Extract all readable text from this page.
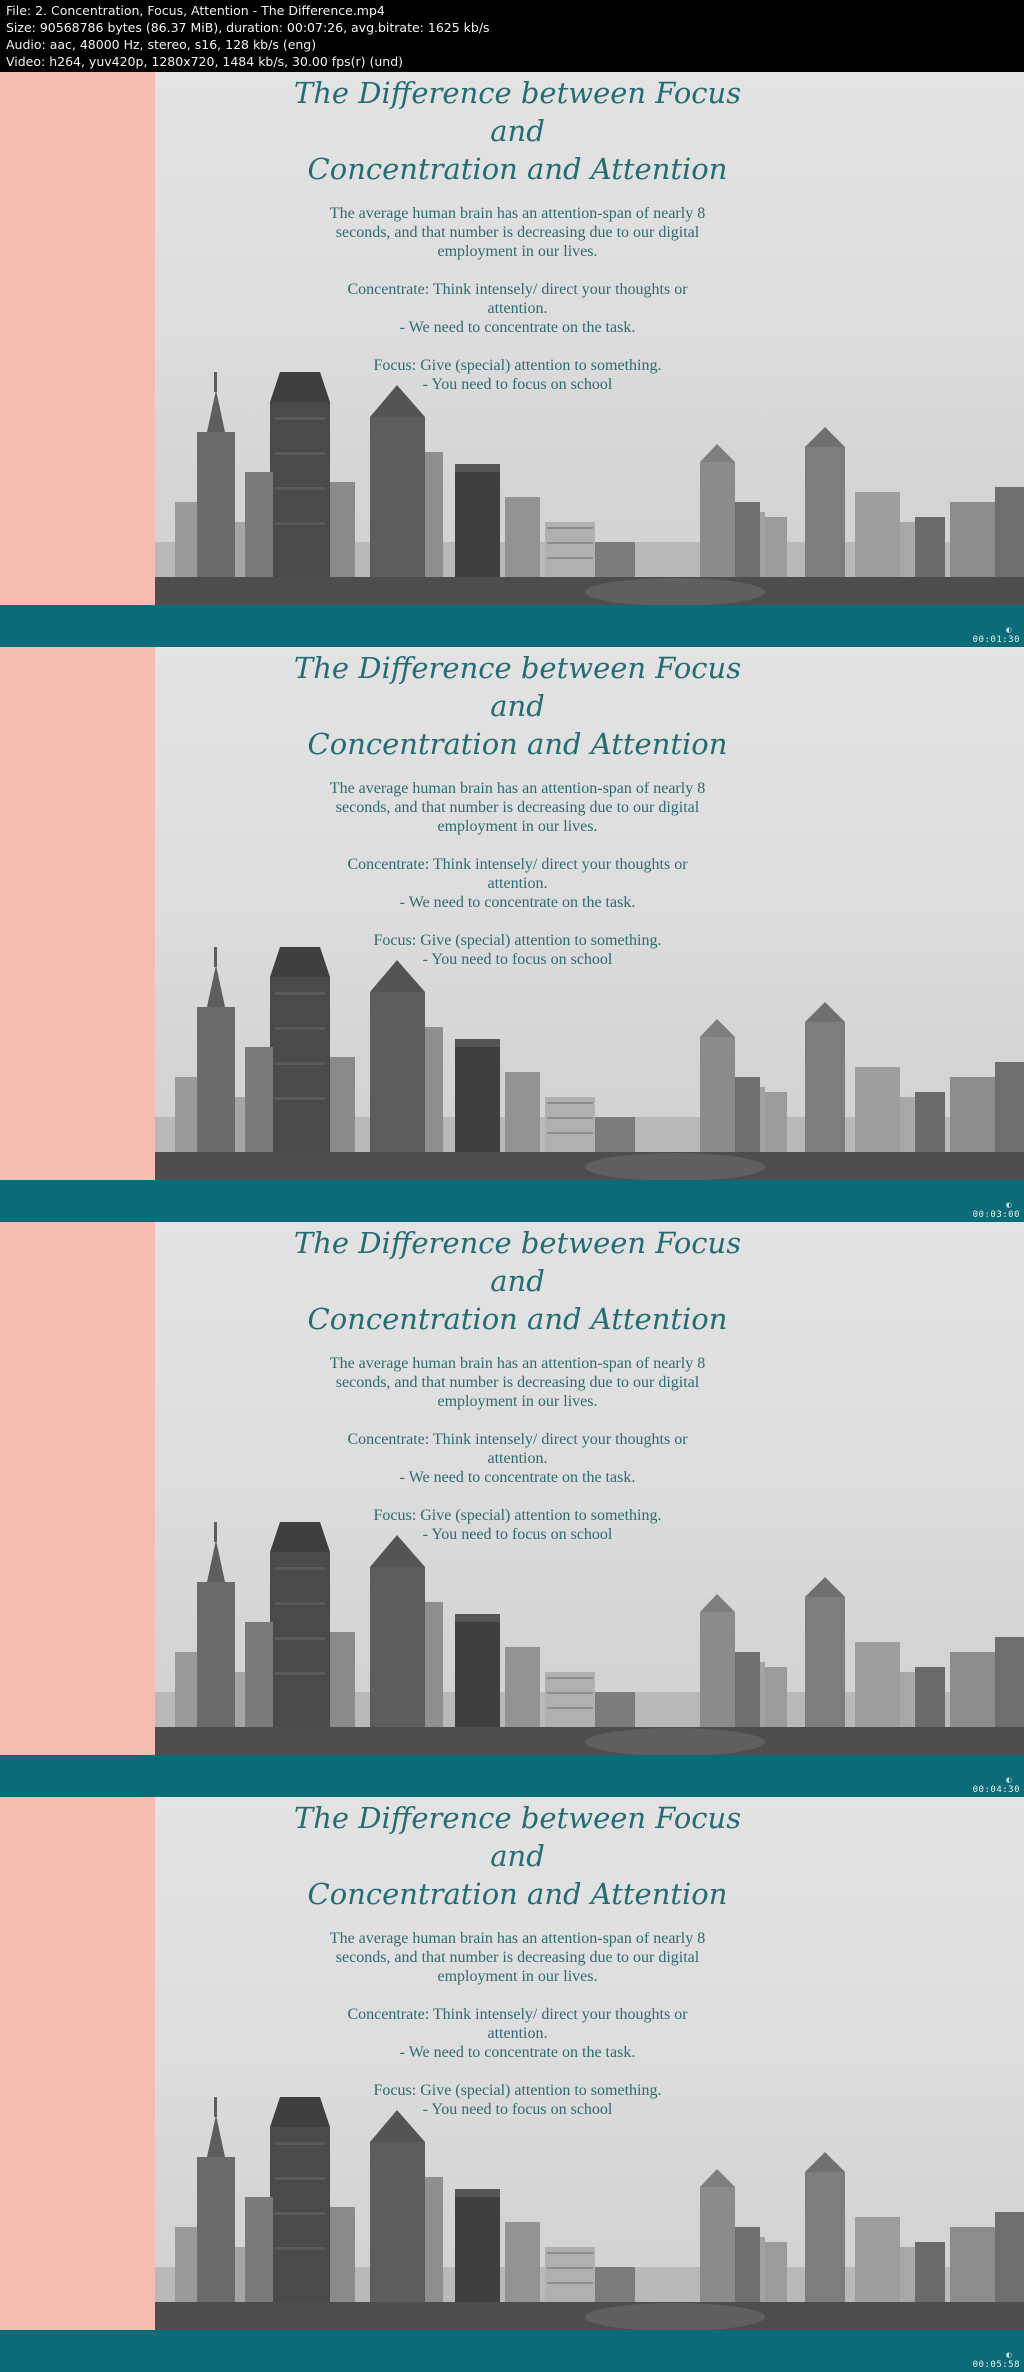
File: 2. Concentration, Focus, Attention - The Difference.mp4
Size: 90568786 bytes (86.37 MiB), duration: 00:07:26, avg.bitrate: 1625 kb/s
Audio: aac, 48000 Hz, stereo, s16, 128 kb/s (eng)
Video: h264, yuv420p, 1280x720, 1484 kb/s, 30.00 fps(r) (und)
The Difference between Focus and
Concentration and Attention

The average human brain has an attention-span of nearly 8
seconds, and that number is decreasing due to our digital
employment in our lives.

Concentrate: Think intensely/ direct your thoughts or
attention.
- We need to concentrate on the task.

Focus: Give (special) attention to something.
- You need to focus on school

◐
00:01:30
The Difference between Focus and
Concentration and Attention

The average human brain has an attention-span of nearly 8
seconds, and that number is decreasing due to our digital
employment in our lives.

Concentrate: Think intensely/ direct your thoughts or
attention.
- We need to concentrate on the task.

Focus: Give (special) attention to something.
- You need to focus on school

◐
00:03:00
The Difference between Focus and
Concentration and Attention

The average human brain has an attention-span of nearly 8
seconds, and that number is decreasing due to our digital
employment in our lives.

Concentrate: Think intensely/ direct your thoughts or
attention.
- We need to concentrate on the task.

Focus: Give (special) attention to something.
- You need to focus on school

◐
00:04:30
The Difference between Focus and
Concentration and Attention

The average human brain has an attention-span of nearly 8
seconds, and that number is decreasing due to our digital
employment in our lives.

Concentrate: Think intensely/ direct your thoughts or
attention.
- We need to concentrate on the task.

Focus: Give (special) attention to something.
- You need to focus on school

◐
00:05:58
